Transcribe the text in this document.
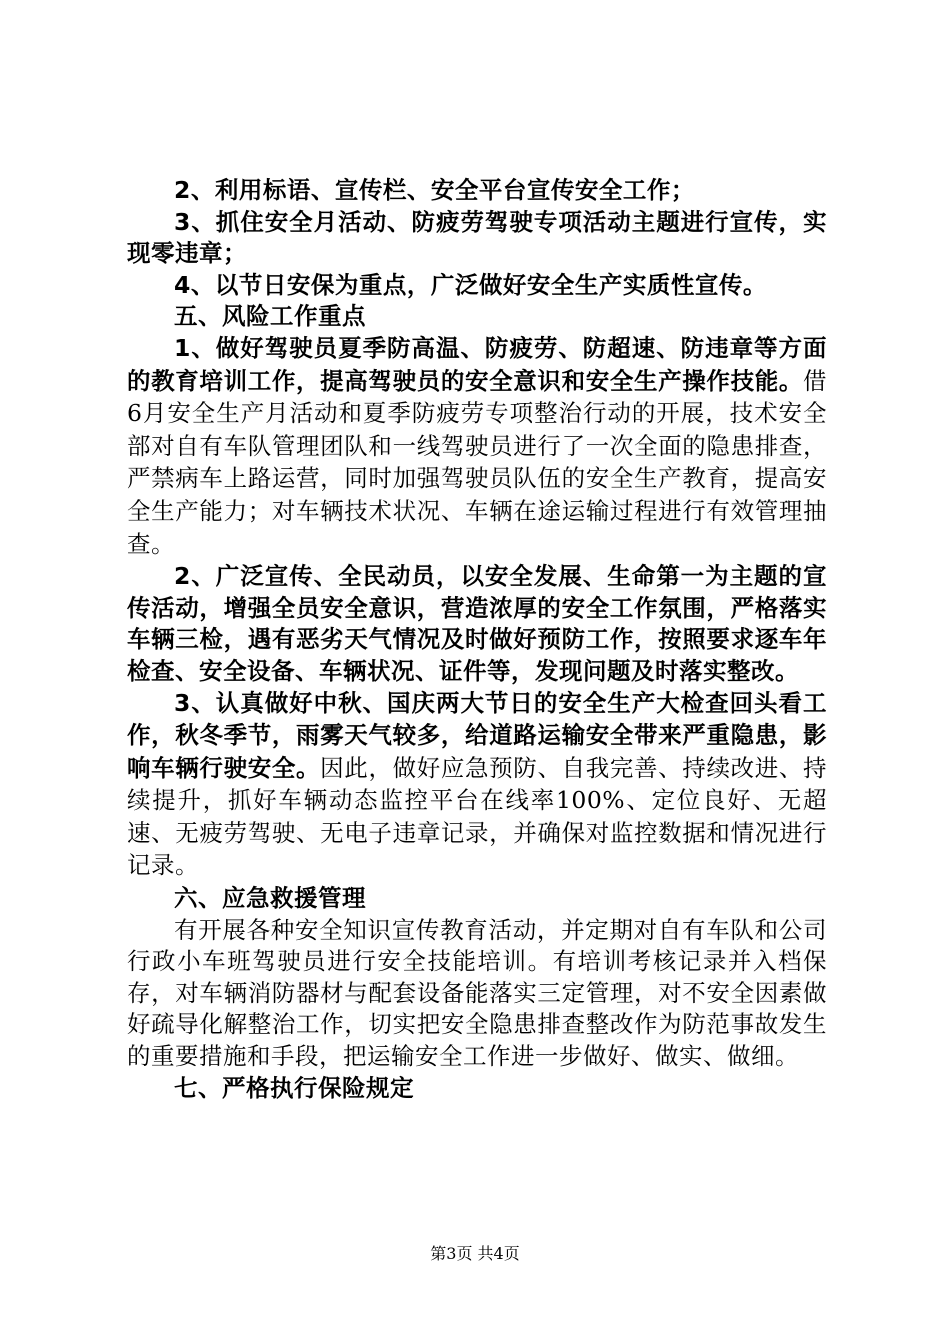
2、利用标语、宣传栏、安全平台宣传安全工作；

3、抓住安全月活动、防疲劳驾驶专项活动主题进行宣传，实现零违章；

4、以节日安保为重点，广泛做好安全生产实质性宣传。

五、风险工作重点

1、做好驾驶员夏季防高温、防疲劳、防超速、防违章等方面的教育培训工作，提高驾驶员的安全意识和安全生产操作技能。借6月安全生产月活动和夏季防疲劳专项整治行动的开展，技术安全部对自有车队管理团队和一线驾驶员进行了一次全面的隐患排查，严禁病车上路运营，同时加强驾驶员队伍的安全生产教育，提高安全生产能力；对车辆技术状况、车辆在途运输过程进行有效管理抽查。

2、广泛宣传、全民动员，以安全发展、生命第一为主题的宣传活动，增强全员安全意识，营造浓厚的安全工作氛围，严格落实车辆三检，遇有恶劣天气情况及时做好预防工作，按照要求逐车年检查、安全设备、车辆状况、证件等，发现问题及时落实整改。

3、认真做好中秋、国庆两大节日的安全生产大检查回头看工作，秋冬季节，雨雾天气较多，给道路运输安全带来严重隐患，影响车辆行驶安全。因此，做好应急预防、自我完善、持续改进、持续提升，抓好车辆动态监控平台在线率100%、定位良好、无超速、无疲劳驾驶、无电子违章记录，并确保对监控数据和情况进行记录。

六、应急救援管理

有开展各种安全知识宣传教育活动，并定期对自有车队和公司行政小车班驾驶员进行安全技能培训。有培训考核记录并入档保存，对车辆消防器材与配套设备能落实三定管理，对不安全因素做好疏导化解整治工作，切实把安全隐患排查整改作为防范事故发生的重要措施和手段，把运输安全工作进一步做好、做实、做细。

七、严格执行保险规定

第3页 共4页
